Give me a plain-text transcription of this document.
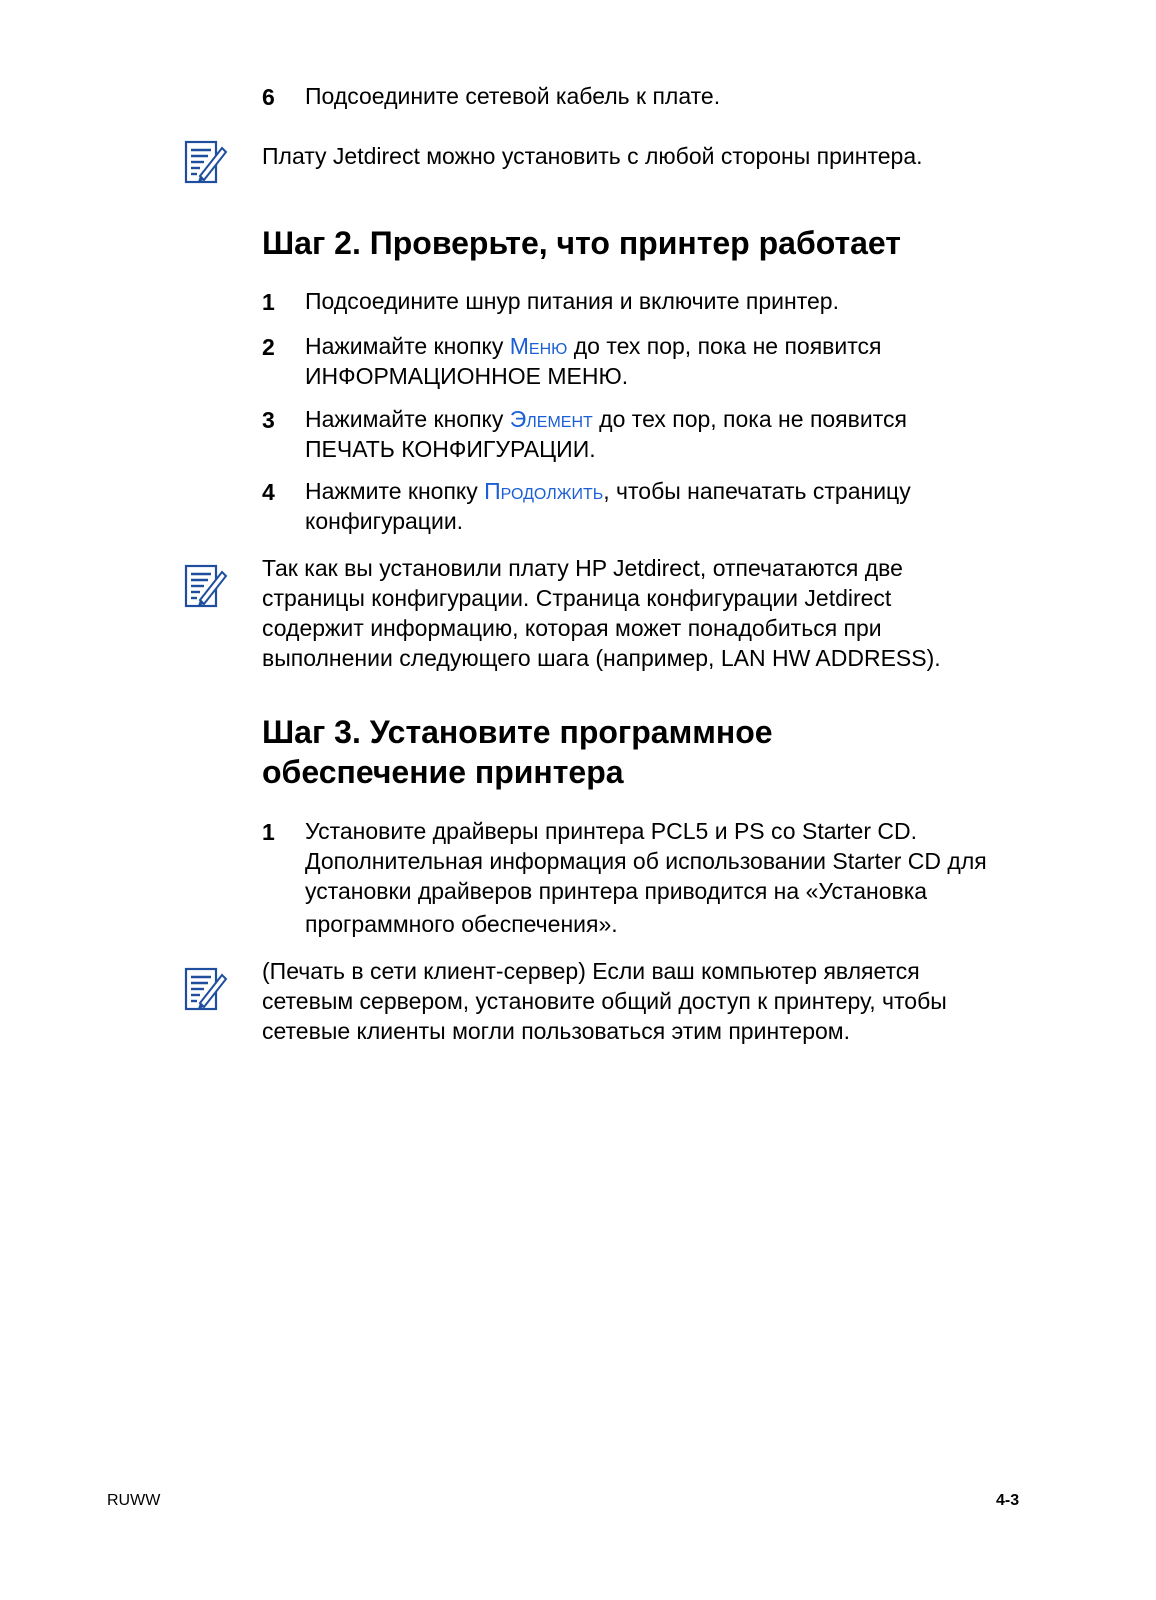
6 Подсоедините сетевой кабель к плате.
Плату Jetdirect можно установить с любой стороны принтера.
Шаг 2. Проверьте, что принтер работает
1 Подсоедините шнур питания и включите принтер.
2 Нажимайте кнопку Меню до тех пор, пока не появится
ИНФОРМАЦИОННОЕ МЕНЮ.
3 Нажимайте кнопку Элемент до тех пор, пока не появится
ПЕЧАТЬ КОНФИГУРАЦИИ.
4 Нажмите кнопку Продолжить, чтобы напечатать страницу
конфигурации.
Так как вы установили плату HP Jetdirect, отпечатаются две
страницы конфигурации. Страница конфигурации Jetdirect
содержит информацию, которая может понадобиться при
выполнении следующего шага (например, LAN HW ADDRESS).
Шаг 3. Установите программное
обеспечение принтера
1 Установите драйверы принтера PCL5 и PS со Starter CD.
Дополнительная информация об использовании Starter CD для
установки драйверов принтера приводится на «Установка
программного обеспечения».
(Печать в сети клиент-сервер) Если ваш компьютер является
сетевым сервером, установите общий доступ к принтеру, чтобы
сетевые клиенты могли пользоваться этим принтером.
RUWW	4-3
